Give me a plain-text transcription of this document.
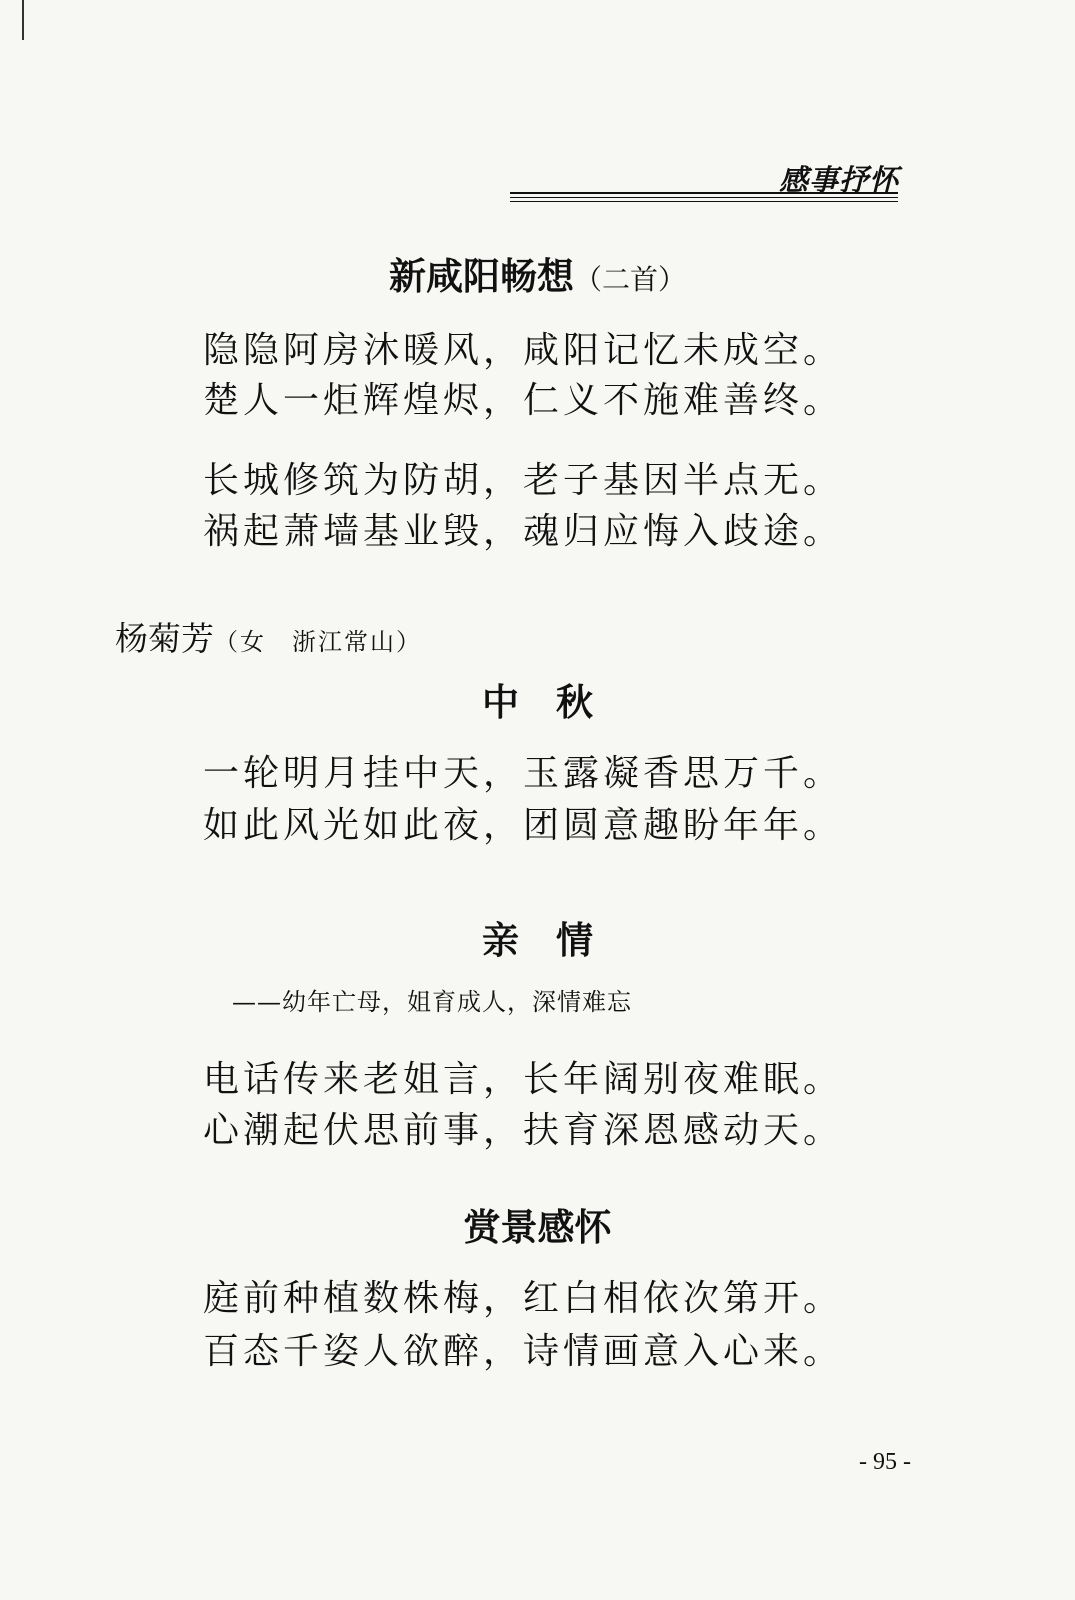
感事抒怀
新咸阳畅想（二首）
隐隐阿房沐暖风，咸阳记忆未成空。
楚人一炬辉煌烬，仁义不施难善终。
长城修筑为防胡，老子基因半点无。
祸起萧墙基业毁，魂归应悔入歧途。
杨菊芳（女　浙江常山）
中　秋
一轮明月挂中天，玉露凝香思万千。
如此风光如此夜，团圆意趣盼年年。
亲　情
——幼年亡母，姐育成人，深情难忘
电话传来老姐言，长年阔别夜难眠。
心潮起伏思前事，扶育深恩感动天。
赏景感怀
庭前种植数株梅，红白相依次第开。
百态千姿人欲醉，诗情画意入心来。
- 95 -
